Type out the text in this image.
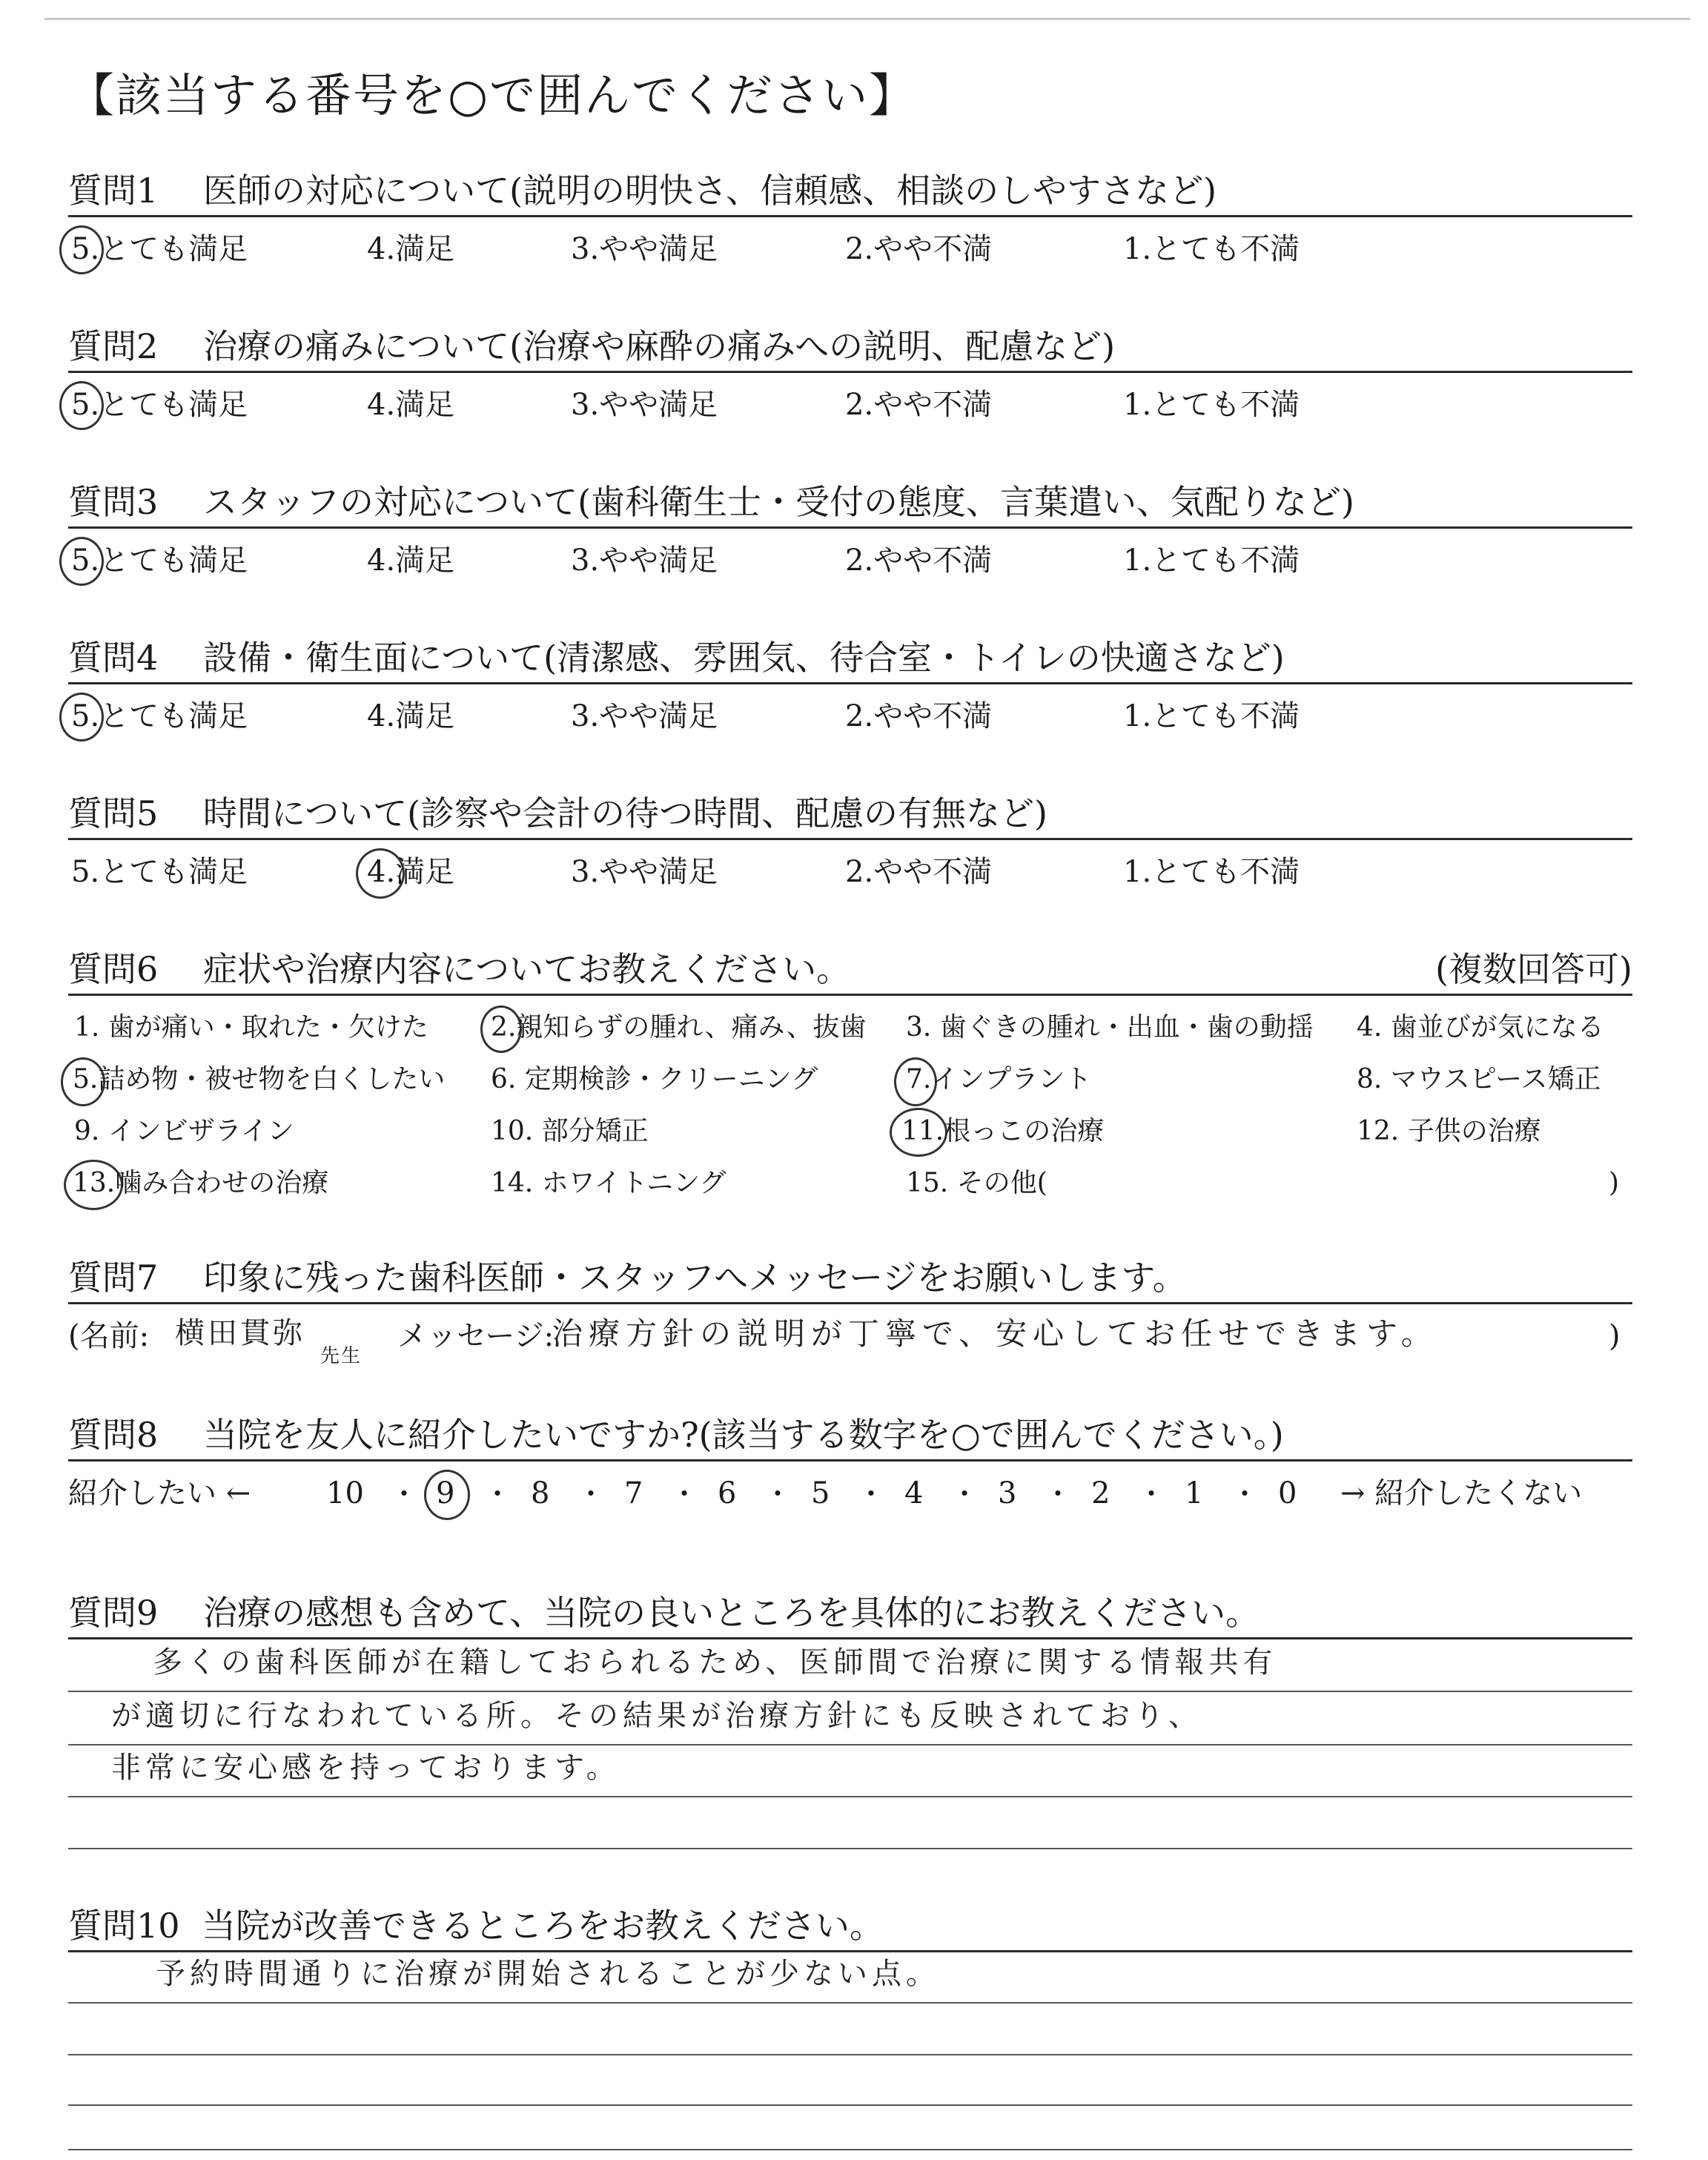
【該当する番号を○で囲んでください】
質問1 医師の対応について(説明の明快さ、信頼感、相談のしやすさなど)
5.とても満足	4.満足	3.やや満足	2.やや不満	1.とても不満
質問2 治療の痛みについて(治療や麻酔の痛みへの説明、配慮など)
5.とても満足	4.満足	3.やや満足	2.やや不満	1.とても不満
質問3 スタッフの対応について(歯科衛生士・受付の態度、言葉遣い、気配りなど)
5.とても満足	4.満足	3.やや満足	2.やや不満	1.とても不満
質問4 設備・衛生面について(清潔感、雰囲気、待合室・トイレの快適さなど)
5.とても満足	4.満足	3.やや満足	2.やや不満	1.とても不満
質問5 時間について(診察や会計の待つ時間、配慮の有無など)
5.とても満足	4.満足	3.やや満足	2.やや不満	1.とても不満
質問6 症状や治療内容についてお教えください。	(複数回答可)
1. 歯が痛い・取れた・欠けた 2.親知らずの腫れ、痛み、抜歯 3. 歯ぐきの腫れ・出血・歯の動揺 4. 歯並びが気になる
5.詰め物・被せ物を白くしたい 6. 定期検診・クリーニング	7.インプラント	8. マウスピース矯正
9. インビザライン	10. 部分矯正	11.根っこの治療	12. 子供の治療
13.噛み合わせの治療	14. ホワイトニング	15. その他(	)
質問7 印象に残った歯科医師・スタッフへメッセージをお願いします。
(名前: 横田貫弥
先生
メッセージ:
治療方針の説明が丁寧で、安心してお任せできます。	)
質問8 当院を友人に紹介したいですか?(該当する数字を○で囲んでください。)
紹介したい ←	10 ・ 9 ・ 8 ・ 7 ・ 6 ・ 5 ・ 4 ・ 3 ・ 2 ・ 1 ・ 0 → 紹介したくない
質問9 治療の感想も含めて、当院の良いところを具体的にお教えください。
多くの歯科医師が在籍しておられるため、医師間で治療に関する情報共有
が適切に行なわれている所。その結果が治療方針にも反映されており、
非常に安心感を持っております。
質問10 当院が改善できるところをお教えください。
予約時間通りに治療が開始されることが少ない点。
